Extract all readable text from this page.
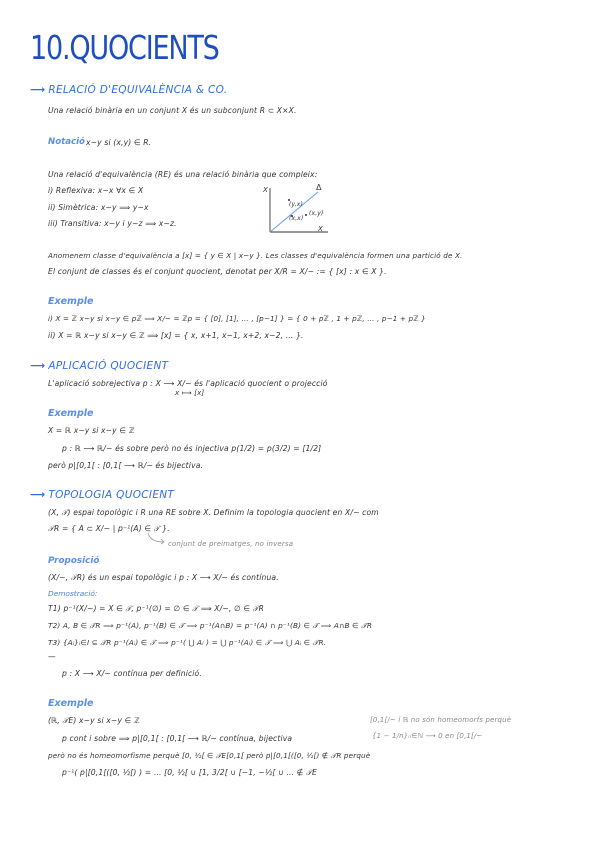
10.QUOCIENTS
⟶ RELACIÓ D'EQUIVALÈNCIA & CO.
Una relació binària en un conjunt X és un subconjunt R ⊂ X×X.
Notació x~y si (x,y) ∈ R.
Una relació d'equivalència (RE) és una relació binària que compleix:
i) Reflexiva: x~x ∀x ∈ X
ii) Simètrica: x~y ⟹ y~x
iii) Transitiva: x~y i y~z ⟹ x~z.
X
X
Δ
(y,x)
(x,y)
(x,x)
Anomenem classe d'equivalència a [x] = { y ∈ X | x~y }. Les classes d'equivalència formen una partició de X.
El conjunt de classes és el conjunt quocient, denotat per X/R = X/~ := { [x] : x ∈ X }.
Exemple
i) X = ℤ x~y si x−y ∈ pℤ ⟹ X/~ = ℤp = { [0], [1], … , [p−1] } = { 0 + pℤ , 1 + pℤ, … , p−1 + pℤ }
ii) X = ℝ x~y si x−y ∈ ℤ ⟹ [x] = { x, x+1, x−1, x+2, x−2, … }.
⟶ APLICACIÓ QUOCIENT
L'aplicació sobrejectiva p : X ⟶ X/~ és l'aplicació quocient o projecció
x ⟼ [x]
Exemple
X = ℝ x~y si x−y ∈ ℤ
p : ℝ ⟶ ℝ/~ és sobre però no és injectiva p(1/2) = p(3/2) = [1/2]
però p|[0,1[ : [0,1[ ⟶ ℝ/~ és bijectiva.
⟶ TOPOLOGIA QUOCIENT
(X, 𝒯) espai topològic i R una RE sobre X. Definim la topologia quocient en X/~ com
𝒯R = { A ⊂ X/~ | p⁻¹(A) ∈ 𝒯 }.
conjunt de preimatges, no inversa
Proposició
(X/~, 𝒯R) és un espai topològic i p : X ⟶ X/~ és contínua.
Demostració:
T1) p⁻¹(X/~) = X ∈ 𝒯, p⁻¹(∅) = ∅ ∈ 𝒯 ⟹ X/~, ∅ ∈ 𝒯R
T2) A, B ∈ 𝒯R ⟹ p⁻¹(A), p⁻¹(B) ∈ 𝒯 ⟹ p⁻¹(A∩B) = p⁻¹(A) ∩ p⁻¹(B) ∈ 𝒯 ⟹ A∩B ∈ 𝒯R
T3) {Aᵢ}ᵢ∈I ⊆ 𝒯R p⁻¹(Aᵢ) ∈ 𝒯 ⟹ p⁻¹( ⋃ Aᵢ ) = ⋃ p⁻¹(Aᵢ) ∈ 𝒯 ⟹ ⋃ Aᵢ ∈ 𝒯R.
—
p : X ⟶ X/~ contínua per definició.
Exemple
(ℝ, 𝒯E) x~y si x−y ∈ ℤ	[0,1[/~ i ℝ no són homeomorfs perquè
{1 − 1/n}ₙ∈ℕ ⟶ 0 en [0,1[/~
p cont i sobre ⟹ p|[0,1[ : [0,1[ ⟶ ℝ/~ contínua, bijectiva
però no és homeomorfisme perquè [0, ½[ ∈ 𝒯E[0,1[ però p|[0,1[([0, ½[) ∉ 𝒯R perquè
p⁻¹( p|[0,1[([0, ½[) ) = … [0, ½[ ∪ [1, 3/2[ ∪ [−1, −½[ ∪ … ∉ 𝒯E
